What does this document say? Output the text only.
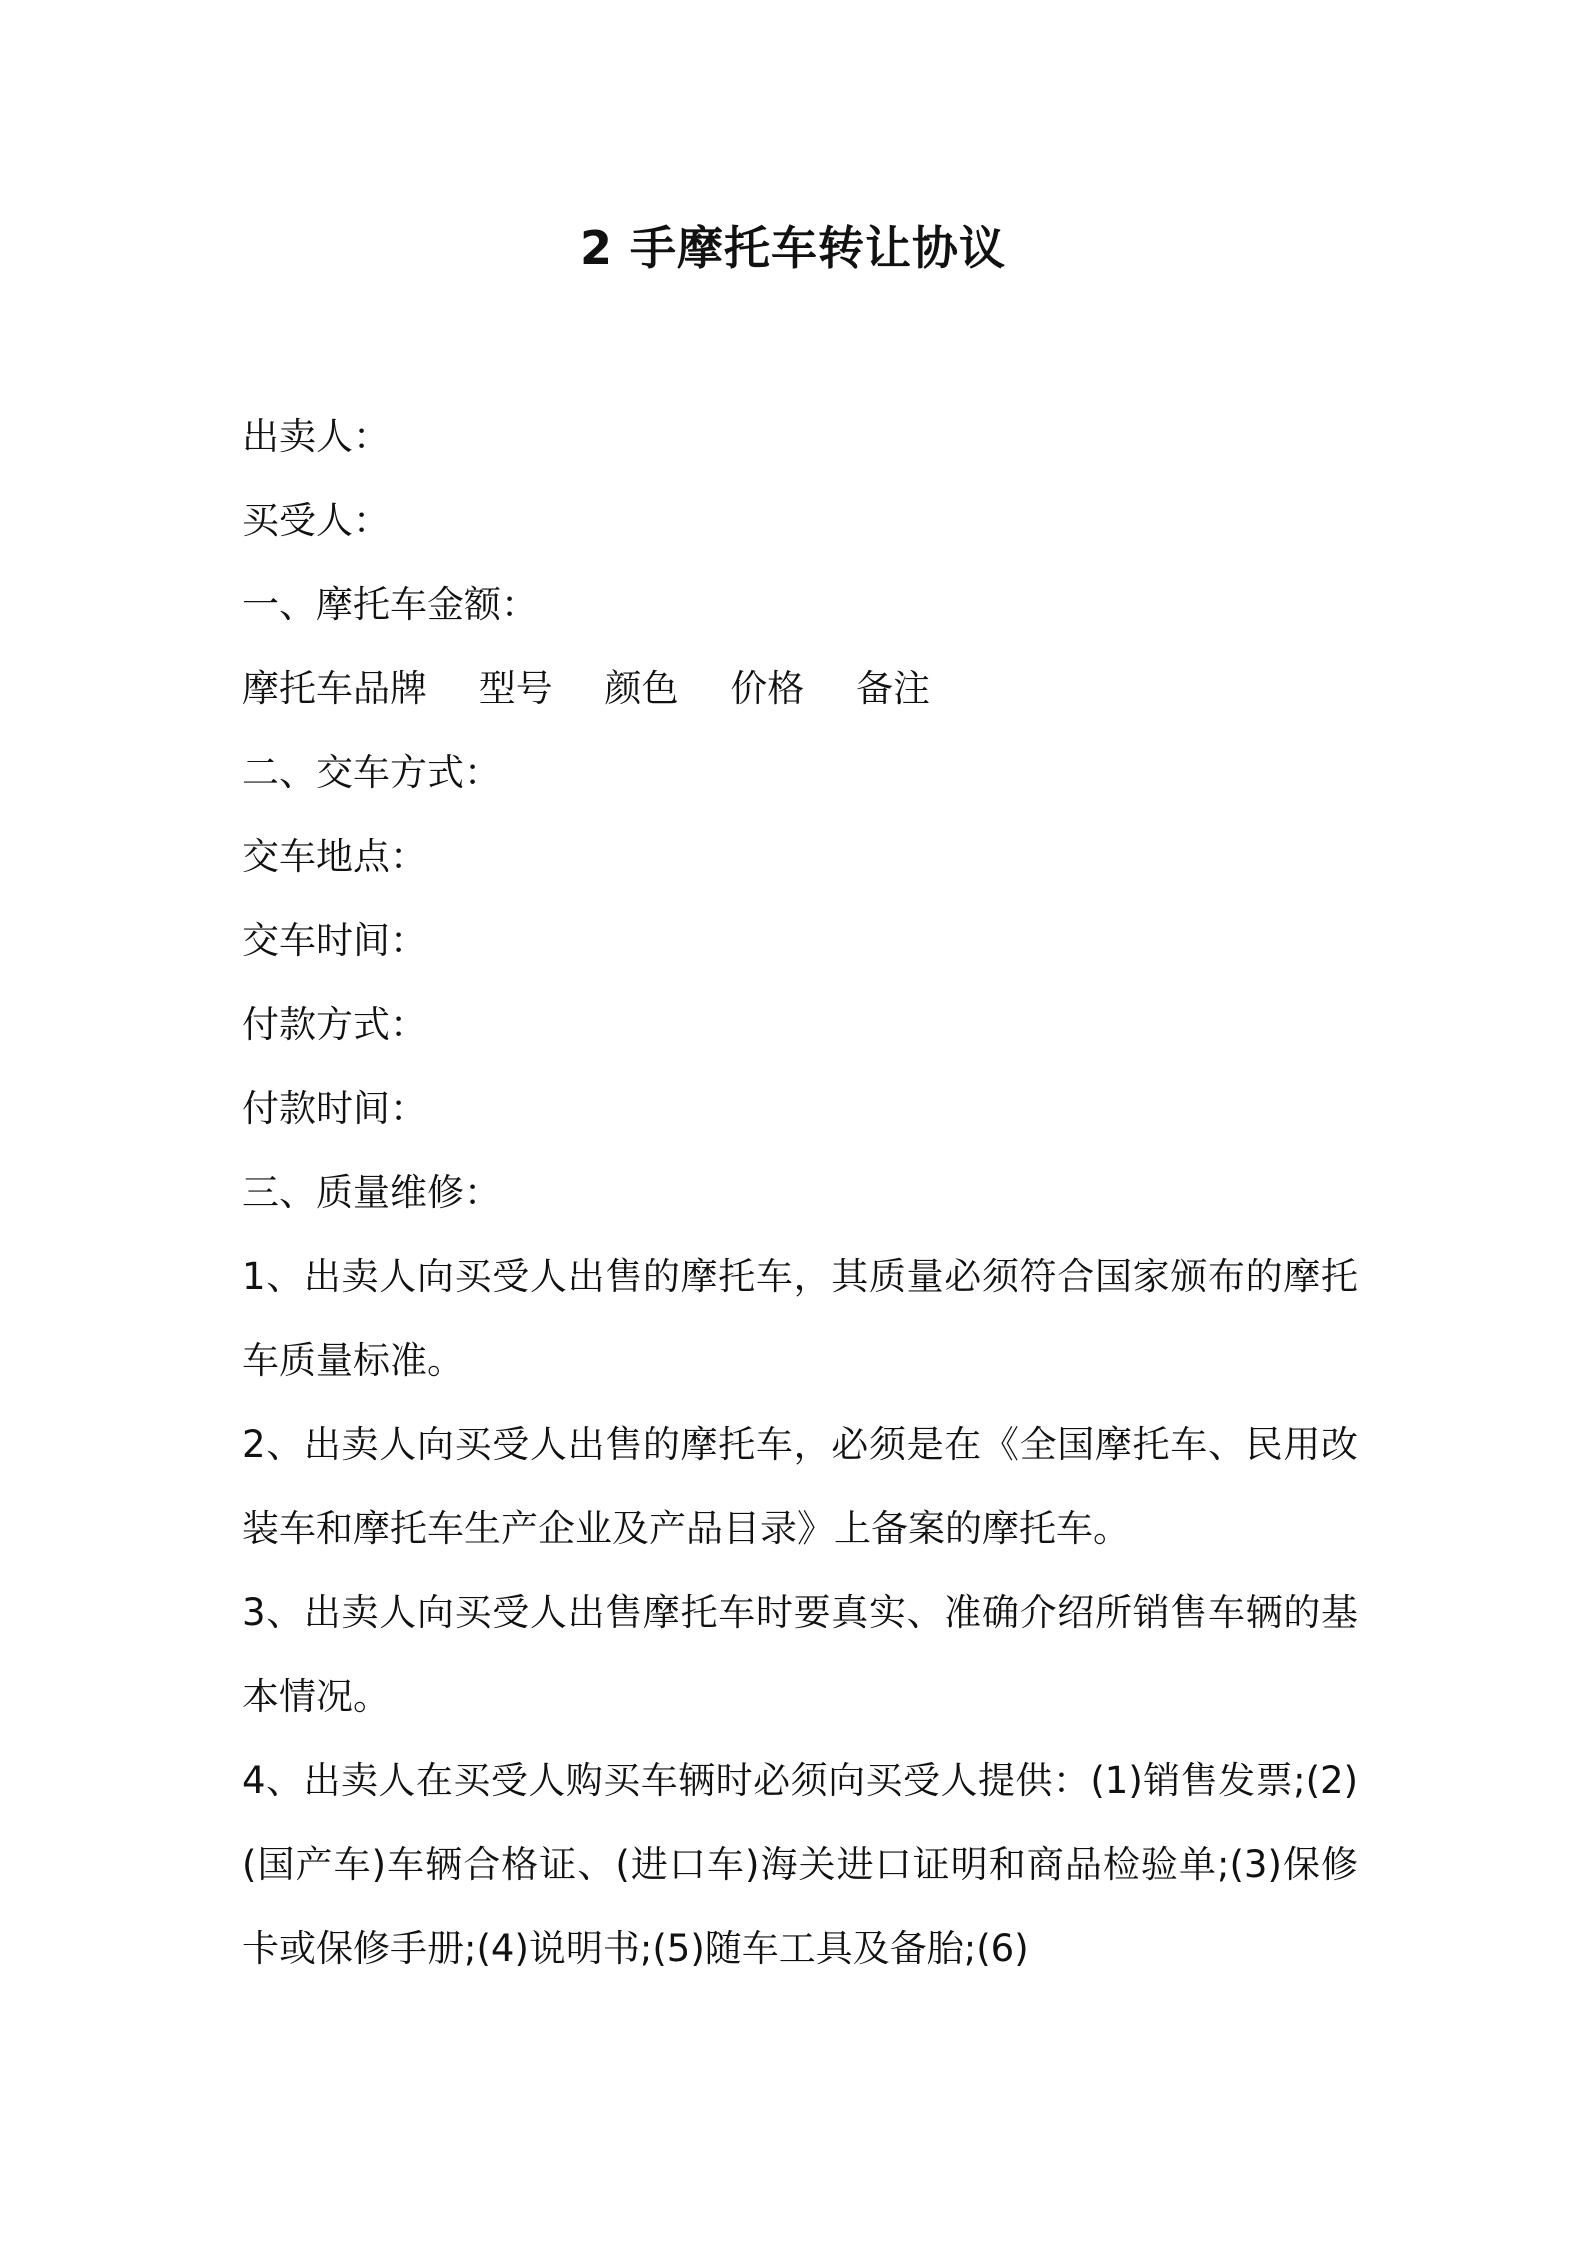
2 手摩托车转让协议
出卖人：
买受人：
一、摩托车金额：
摩托车品牌 型号 颜色 价格 备注
二、交车方式：
交车地点：
交车时间：
付款方式：
付款时间：
三、质量维修：

1、出卖人向买受人出售的摩托车，其质量必须符合国家颁布的摩托车质量标准。

2、出卖人向买受人出售的摩托车，必须是在《全国摩托车、民用改装车和摩托车生产企业及产品目录》上备案的摩托车。

3、出卖人向买受人出售摩托车时要真实、准确介绍所销售车辆的基本情况。

4、出卖人在买受人购买车辆时必须向买受人提供：(1)销售发票;(2)(国产车)车辆合格证、(进口车)海关进口证明和商品检验单;(3)保修卡或保修手册;(4)说明书;(5)随车工具及备胎;(6)
